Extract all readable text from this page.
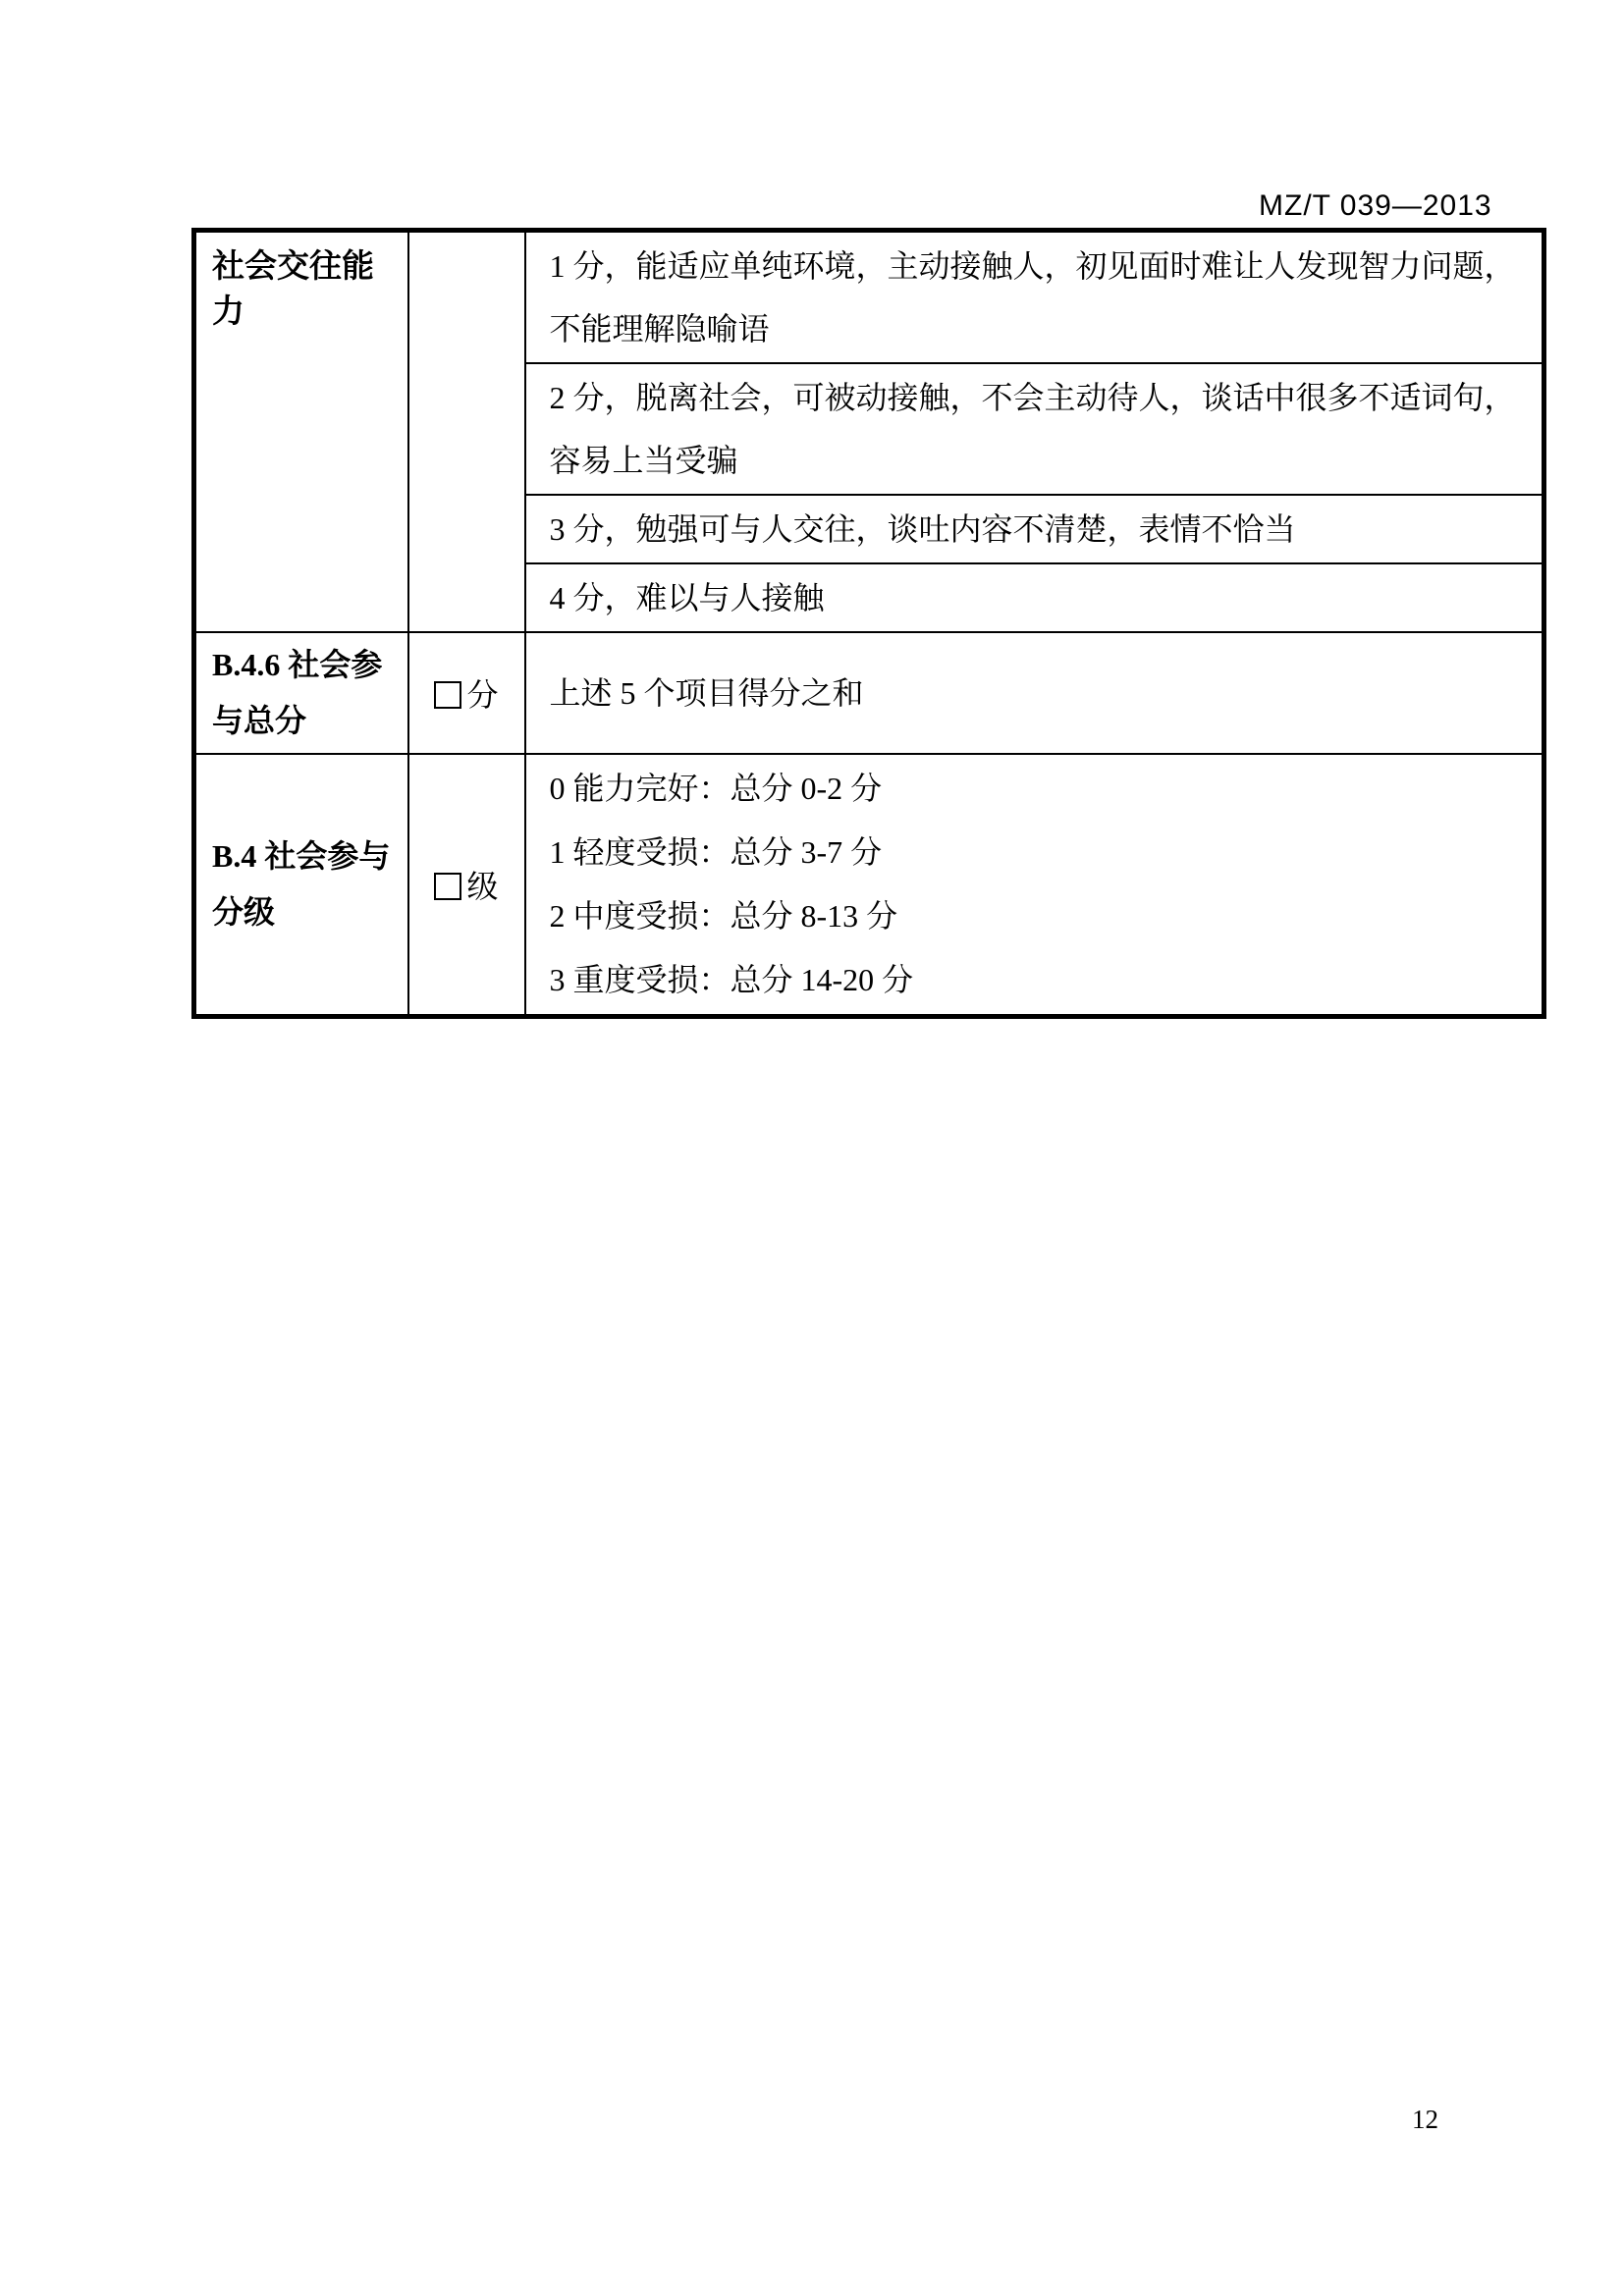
MZ/T 039—2013
社会交往能力		1 分，能适应单纯环境，主动接触人，初见面时难让人发现智力问题，不能理解隐喻语
		2 分，脱离社会，可被动接触，不会主动待人，谈话中很多不适词句，容易上当受骗
		3 分，勉强可与人交往，谈吐内容不清楚，表情不恰当
		4 分，难以与人接触
B.4.6 社会参与总分	分	上述 5 个项目得分之和
B.4 社会参与分级	级	0 能力完好：总分 0-2 分
1 轻度受损：总分 3-7 分
2 中度受损：总分 8-13 分
3 重度受损：总分 14-20 分
12
